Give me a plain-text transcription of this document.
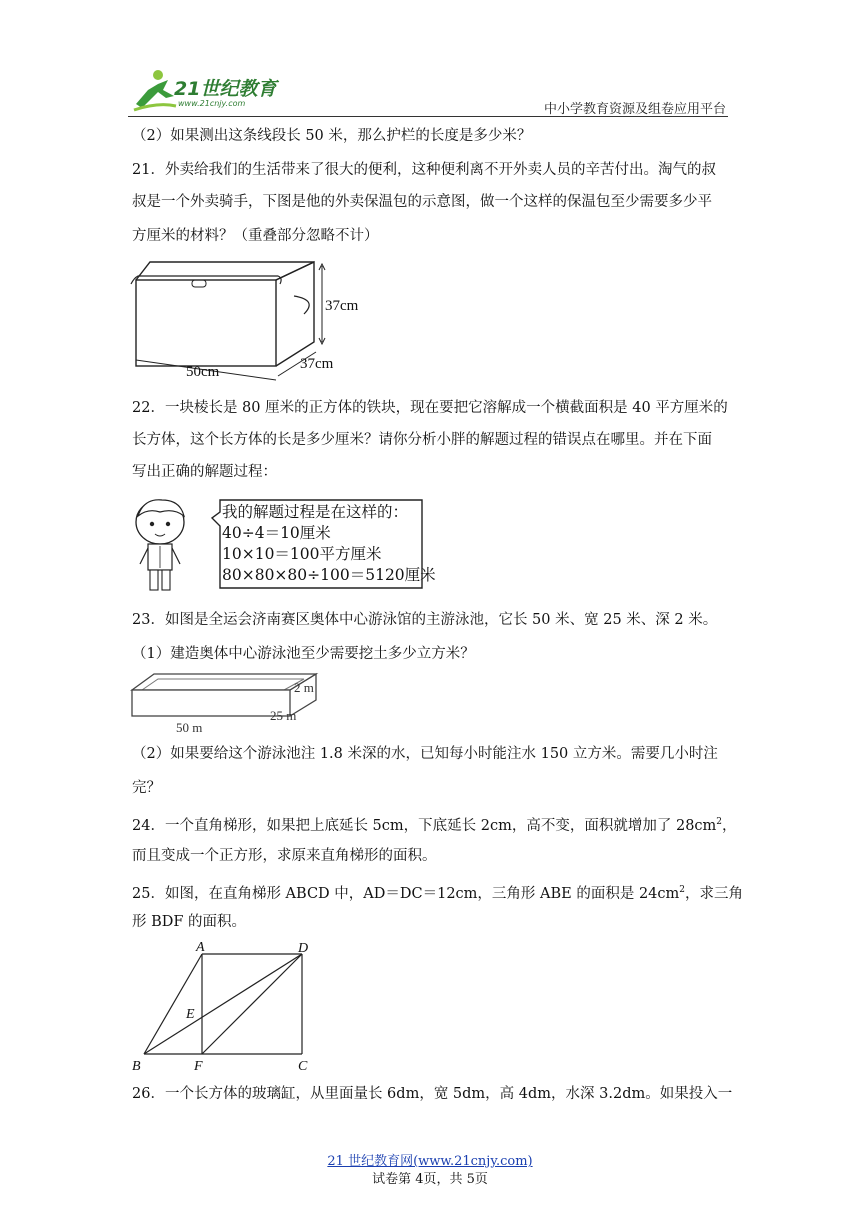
21世纪教育
www.21cnjy.com	中小学教育资源及组卷应用平台
（2）如果测出这条线段长 50 米，那么护栏的长度是多少米？
21．外卖给我们的生活带来了很大的便利，这种便利离不开外卖人员的辛苦付出。淘气的叔
叔是一个外卖骑手，下图是他的外卖保温包的示意图，做一个这样的保温包至少需要多少平
方厘米的材料？（重叠部分忽略不计）
37cm
37cm
50cm
22．一块棱长是 80 厘米的正方体的铁块，现在要把它溶解成一个横截面积是 40 平方厘米的
长方体，这个长方体的长是多少厘米？请你分析小胖的解题过程的错误点在哪里。并在下面
写出正确的解题过程：
我的解题过程是在这样的：
40÷4＝10厘米
10×10＝100平方厘米
80×80×80÷100＝5120厘米
23．如图是全运会济南赛区奥体中心游泳馆的主游泳池，它长 50 米、宽 25 米、深 2 米。
（1）建造奥体中心游泳池至少需要挖土多少立方米？
2 m
25 m
50 m
（2）如果要给这个游泳池注 1.8 米深的水，已知每小时能注水 150 立方米。需要几小时注
完？
24．一个直角梯形，如果把上底延长 5cm，下底延长 2cm，高不变，面积就增加了 $28cm^2$，
而且变成一个正方形，求原来直角梯形的面积。
25．如图，在直角梯形 ABCD 中，AD＝DC＝12cm，三角形 ABE 的面积是 $24cm^2$，求三角
形 BDF 的面积。
A	D
E
B	F	C
26．一个长方体的玻璃缸，从里面量长 6dm，宽 5dm，高 4dm，水深 3.2dm。如果投入一
21 世纪教育网(www.21cnjy.com)
试卷第 4页，共 5页
